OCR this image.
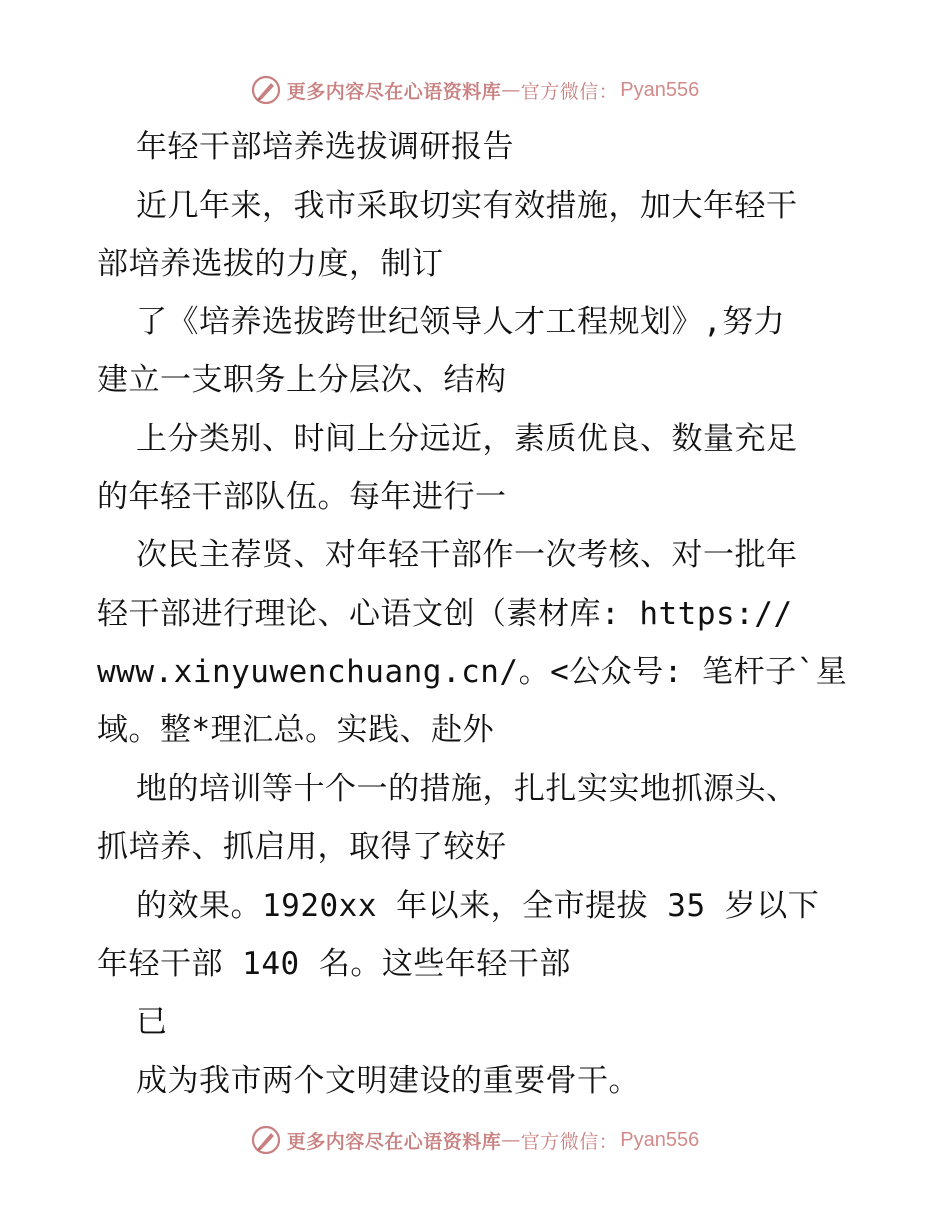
更多内容尽在心语资料库 — 官方微信： Pyan556
年轻干部培养选拔调研报告
近几年来，我市采取切实有效措施，加大年轻干
部培养选拔的力度，制订
了《培养选拔跨世纪领导人才工程规划》,努力
建立一支职务上分层次、结构
上分类别、时间上分远近，素质优良、数量充足
的年轻干部队伍。每年进行一
次民主荐贤、对年轻干部作一次考核、对一批年
轻干部进行理论、心语文创（素材库: https://
www.xinyuwenchuang.cn/。<公众号: 笔杆子`星
域。整*理汇总。实践、赴外
地的培训等十个一的措施，扎扎实实地抓源头、
抓培养、抓启用，取得了较好
的效果。1920xx 年以来，全市提拔 35 岁以下
年轻干部 140 名。这些年轻干部
已
成为我市两个文明建设的重要骨干。
更多内容尽在心语资料库 — 官方微信： Pyan556
